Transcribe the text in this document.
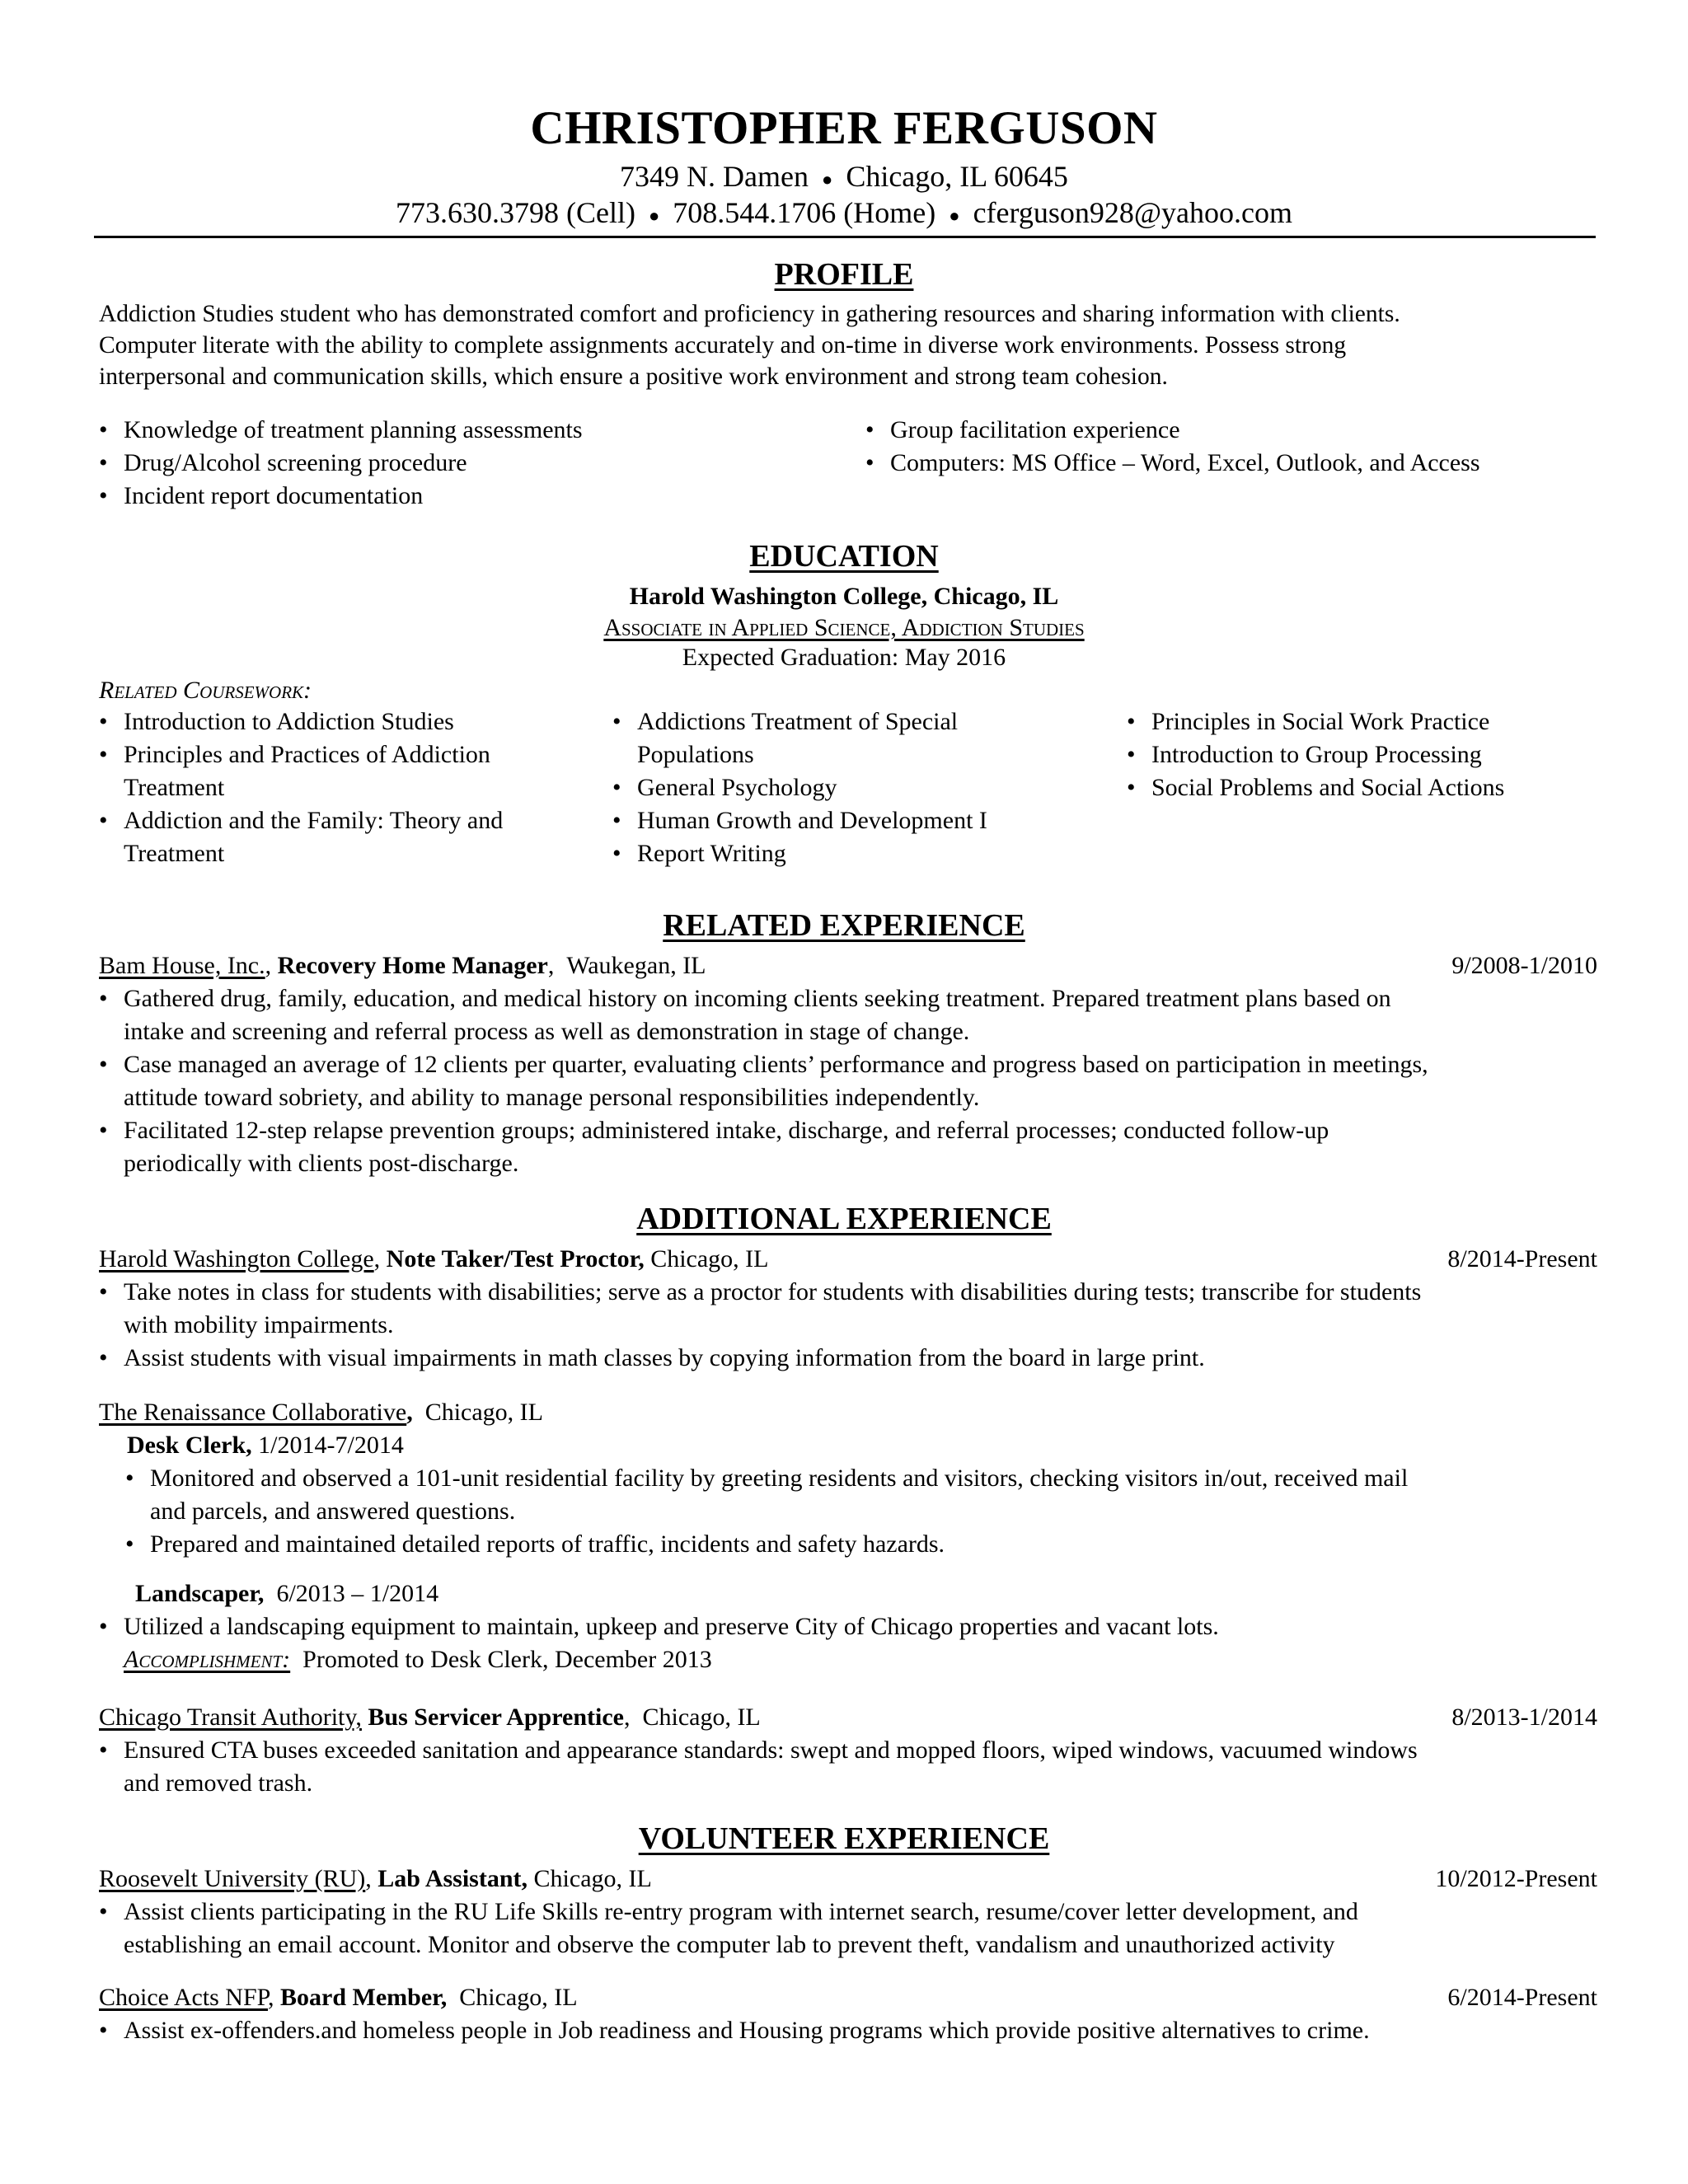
CHRISTOPHER FERGUSON
7349 N. Damen ● Chicago, IL 60645
773.630.3798 (Cell) ● 708.544.1706 (Home) ● cferguson928@yahoo.com
PROFILE

Addiction Studies student who has demonstrated comfort and proficiency in gathering resources and sharing information with clients.

Computer literate with the ability to complete assignments accurately and on-time in diverse work environments. Possess strong

interpersonal and communication skills, which ensure a positive work environment and strong team cohesion.

• Knowledge of treatment planning assessments
• Drug/Alcohol screening procedure
• Incident report documentation
• Group facilitation experience
• Computers: MS Office – Word, Excel, Outlook, and Access
EDUCATION
Harold Washington College, Chicago, IL
Associate in Applied Science, Addiction Studies
Expected Graduation: May 2016
Related Coursework:
• Introduction to Addiction Studies
• Principles and Practices of Addiction Treatment
• Addiction and the Family: Theory and Treatment
• Addictions Treatment of Special Populations
• General Psychology
• Human Growth and Development I
• Report Writing
• Principles in Social Work Practice
• Introduction to Group Processing
• Social Problems and Social Actions
RELATED EXPERIENCE
Bam House, Inc., Recovery Home Manager,  Waukegan, IL	9/2008-1/2010
• Gathered drug, family, education, and medical history on incoming clients seeking treatment. Prepared treatment plans based on
intake and screening and referral process as well as demonstration in stage of change.
• Case managed an average of 12 clients per quarter, evaluating clients’ performance and progress based on participation in meetings,
attitude toward sobriety, and ability to manage personal responsibilities independently.
• Facilitated 12-step relapse prevention groups; administered intake, discharge, and referral processes; conducted follow-up
periodically with clients post-discharge.
ADDITIONAL EXPERIENCE
Harold Washington College, Note Taker/Test Proctor, Chicago, IL	8/2014-Present
• Take notes in class for students with disabilities; serve as a proctor for students with disabilities during tests; transcribe for students
with mobility impairments.
• Assist students with visual impairments in math classes by copying information from the board in large print.
The Renaissance Collaborative, Chicago, IL
Desk Clerk, 1/2014-7/2014
• Monitored and observed a 101-unit residential facility by greeting residents and visitors, checking visitors in/out, received mail
and parcels, and answered questions.
• Prepared and maintained detailed reports of traffic, incidents and safety hazards.
Landscaper, 6/2013 – 1/2014
• Utilized a landscaping equipment to maintain, upkeep and preserve City of Chicago properties and vacant lots.
Accomplishment: Promoted to Desk Clerk, December 2013
Chicago Transit Authority, Bus Servicer Apprentice,  Chicago, IL	8/2013-1/2014
• Ensured CTA buses exceeded sanitation and appearance standards: swept and mopped floors, wiped windows, vacuumed windows
and removed trash.
VOLUNTEER EXPERIENCE
Roosevelt University (RU), Lab Assistant, Chicago, IL	10/2012-Present
• Assist clients participating in the RU Life Skills re-entry program with internet search, resume/cover letter development, and
establishing an email account. Monitor and observe the computer lab to prevent theft, vandalism and unauthorized activity
Choice Acts NFP, Board Member, Chicago, IL	6/2014-Present
• Assist ex-offenders.and homeless people in Job readiness and Housing programs which provide positive alternatives to crime.
